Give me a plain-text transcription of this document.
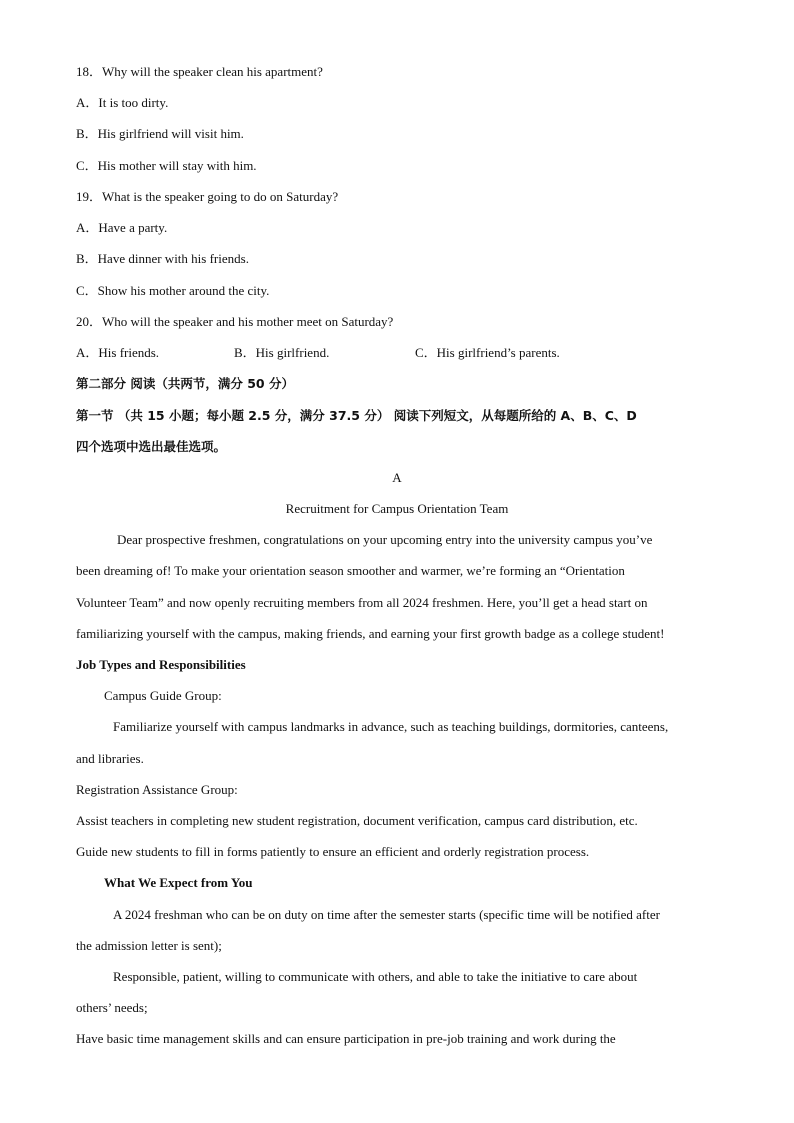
18．Why will the speaker clean his apartment?
A．It is too dirty.
B．His girlfriend will visit him.
C．His mother will stay with him.
19．What is the speaker going to do on Saturday?
A．Have a party.
B．Have dinner with his friends.
C．Show his mother around the city.
20．Who will the speaker and his mother meet on Saturday?
A．His friends.	B．His girlfriend.	C．His girlfriend’s parents.
第二部分 阅读（共两节，满分 50 分）
第一节 （共 15 小题；每小题 2.5 分，满分 37.5 分） 阅读下列短文，从每题所给的 A、B、C、D
四个选项中选出最佳选项。
A
Recruitment for Campus Orientation Team
Dear prospective freshmen, congratulations on your upcoming entry into the university campus you’ve
been dreaming of! To make your orientation season smoother and warmer, we’re forming an “Orientation
Volunteer Team” and now openly recruiting members from all 2024 freshmen. Here, you’ll get a head start on
familiarizing yourself with the campus, making friends, and earning your first growth badge as a college student!
Job Types and Responsibilities
Campus Guide Group:
Familiarize yourself with campus landmarks in advance, such as teaching buildings, dormitories, canteens,
and libraries.
Registration Assistance Group:
Assist teachers in completing new student registration, document verification, campus card distribution, etc.
Guide new students to fill in forms patiently to ensure an efficient and orderly registration process.
What We Expect from You
A 2024 freshman who can be on duty on time after the semester starts (specific time will be notified after
the admission letter is sent);
Responsible, patient, willing to communicate with others, and able to take the initiative to care about
others’ needs;
Have basic time management skills and can ensure participation in pre-job training and work during the
